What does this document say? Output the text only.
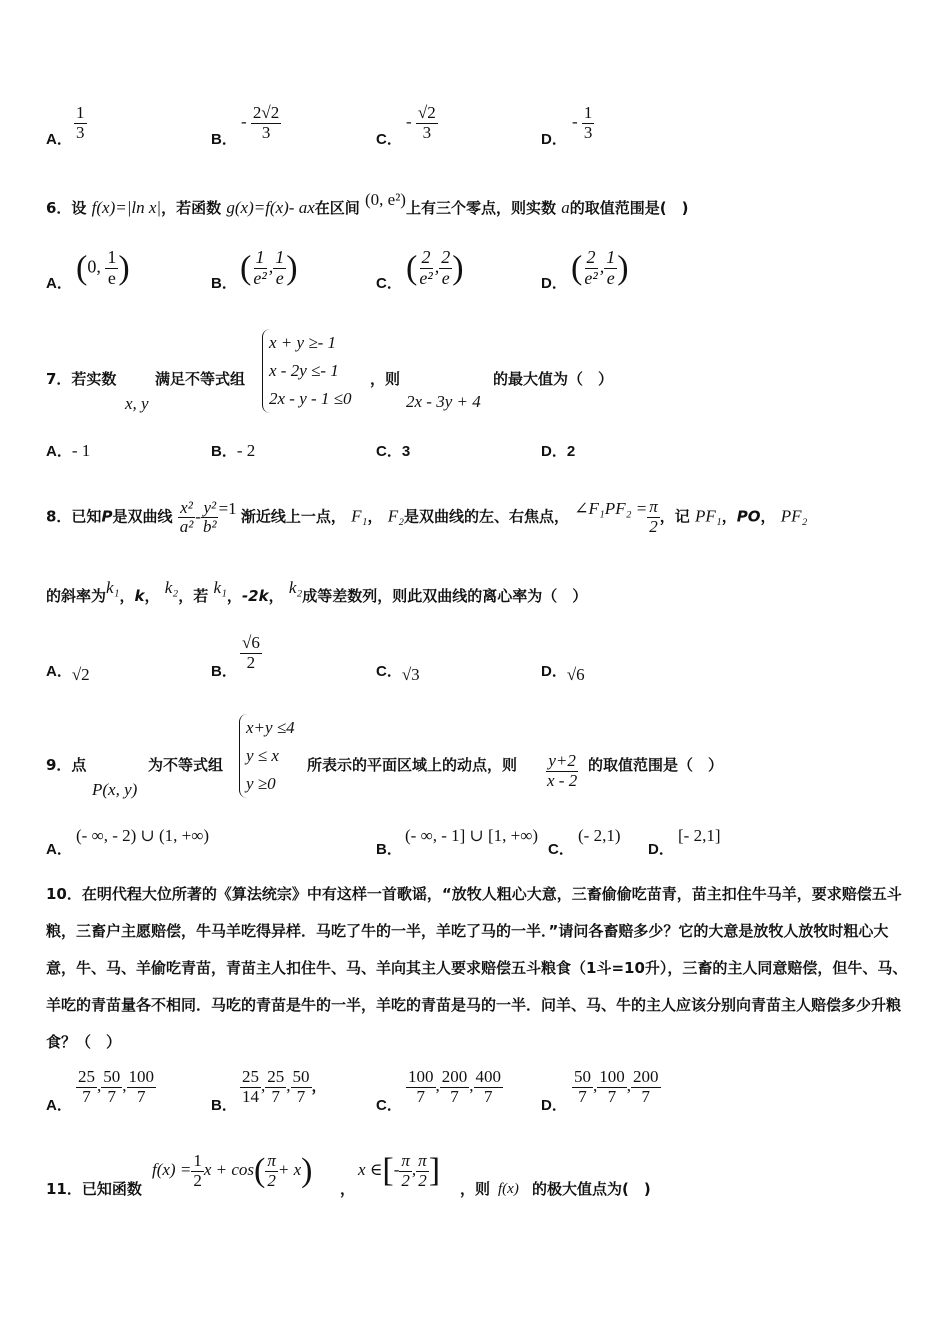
A． $\frac{1}{3}$	B．
- $\frac{2√2}{3}$	C．
- $\frac{√2}{3}$	D．
- $\frac{1}{3}$
6．设 f(x)=|ln x|，若函数 g(x)=f(x)- ax在区间 (0, e²)上有三个零点，则实数 a的取值范围是(　)
A． (0, $\frac{1}{e}$ )	B． ( $\frac{1}{\text{e²}}$ , $\frac{1}{e}$ )	C． ( $\frac{2}{\text{e²}}$ , $\frac{2}{e}$ )	D． ( $\frac{2}{\text{e²}}$ , $\frac{1}{e}$ )
7．若实数
x, y
满足不等式组
x + y ≥- 1
x - 2y ≤- 1
2x - y - 1 ≤0
，则
2x - 3y + 4
的最大值为（　）
A．- 1	B．- 2	C．3	D．2
8．已知P是双曲线 $\frac{\text{x²}}{\text{a²}} - \frac{\text{y²}}{\text{b²}} =1$ 渐近线上一点， F₁， F₂是双曲线的左、右焦点， ∠F₁PF₂ = $\frac{\pi}{2}$ ，记 PF₁，PO， PF₂
的斜率为k₁，k， k₂，若 k₁，-2k， k₂成等差数列，则此双曲线的离心率为（　）
A．√2	B． $\frac{√6}{2}$	C．√3	D．√6
9．点
P(x, y)
为不等式组
x+y ≤4
y ≤ x
y ≥0
所表示的平面区域上的动点，则 $\frac{y+2}{x - 2}$ 的取值范围是（　）
A．
(- ∞, - 2) ∪ (1, +∞)
B．
(- ∞, - 1] ∪ [1, +∞)
C．
(- 2,1)
D．
[- 2,1]
10．在明代程大位所著的《算法统宗》中有这样一首歌谣，“放牧人粗心大意，三畜偷偷吃苗青，苗主扣住牛马羊，要求赔偿五斗粮，三畜户主愿赔偿，牛马羊吃得异样．马吃了牛的一半，羊吃了马的一半．”请问各畜赔多少？它的大意是放牧人放牧时粗心大意，牛、马、羊偷吃青苗，青苗主人扣住牛、马、羊向其主人要求赔偿五斗粮食（1斗=10升），三畜的主人同意赔偿，但牛、马、羊吃的青苗量各不相同．马吃的青苗是牛的一半，羊吃的青苗是马的一半．问羊、马、牛的主人应该分别向青苗主人赔偿多少升粮食？（　）
A． $\frac{25}{7}$ , $\frac{50}{7}$ , $\frac{100}{7}$	B． $\frac{25}{14}$ , $\frac{25}{7}$ , $\frac{50}{7}$ ，
C． $\frac{100}{7}$ , $\frac{200}{7}$ , $\frac{400}{7}$	D． $\frac{50}{7}$ , $\frac{100}{7}$ , $\frac{200}{7}$
11．已知函数
$f(x) = \frac{1}{2}$ $x + \cos( \frac{\pi}{2} + x)$ ，
x ∈[- $\frac{\pi}{2}$ , $\frac{\pi}{2}$ ] ，则 f(x) 的极大值点为(　)
